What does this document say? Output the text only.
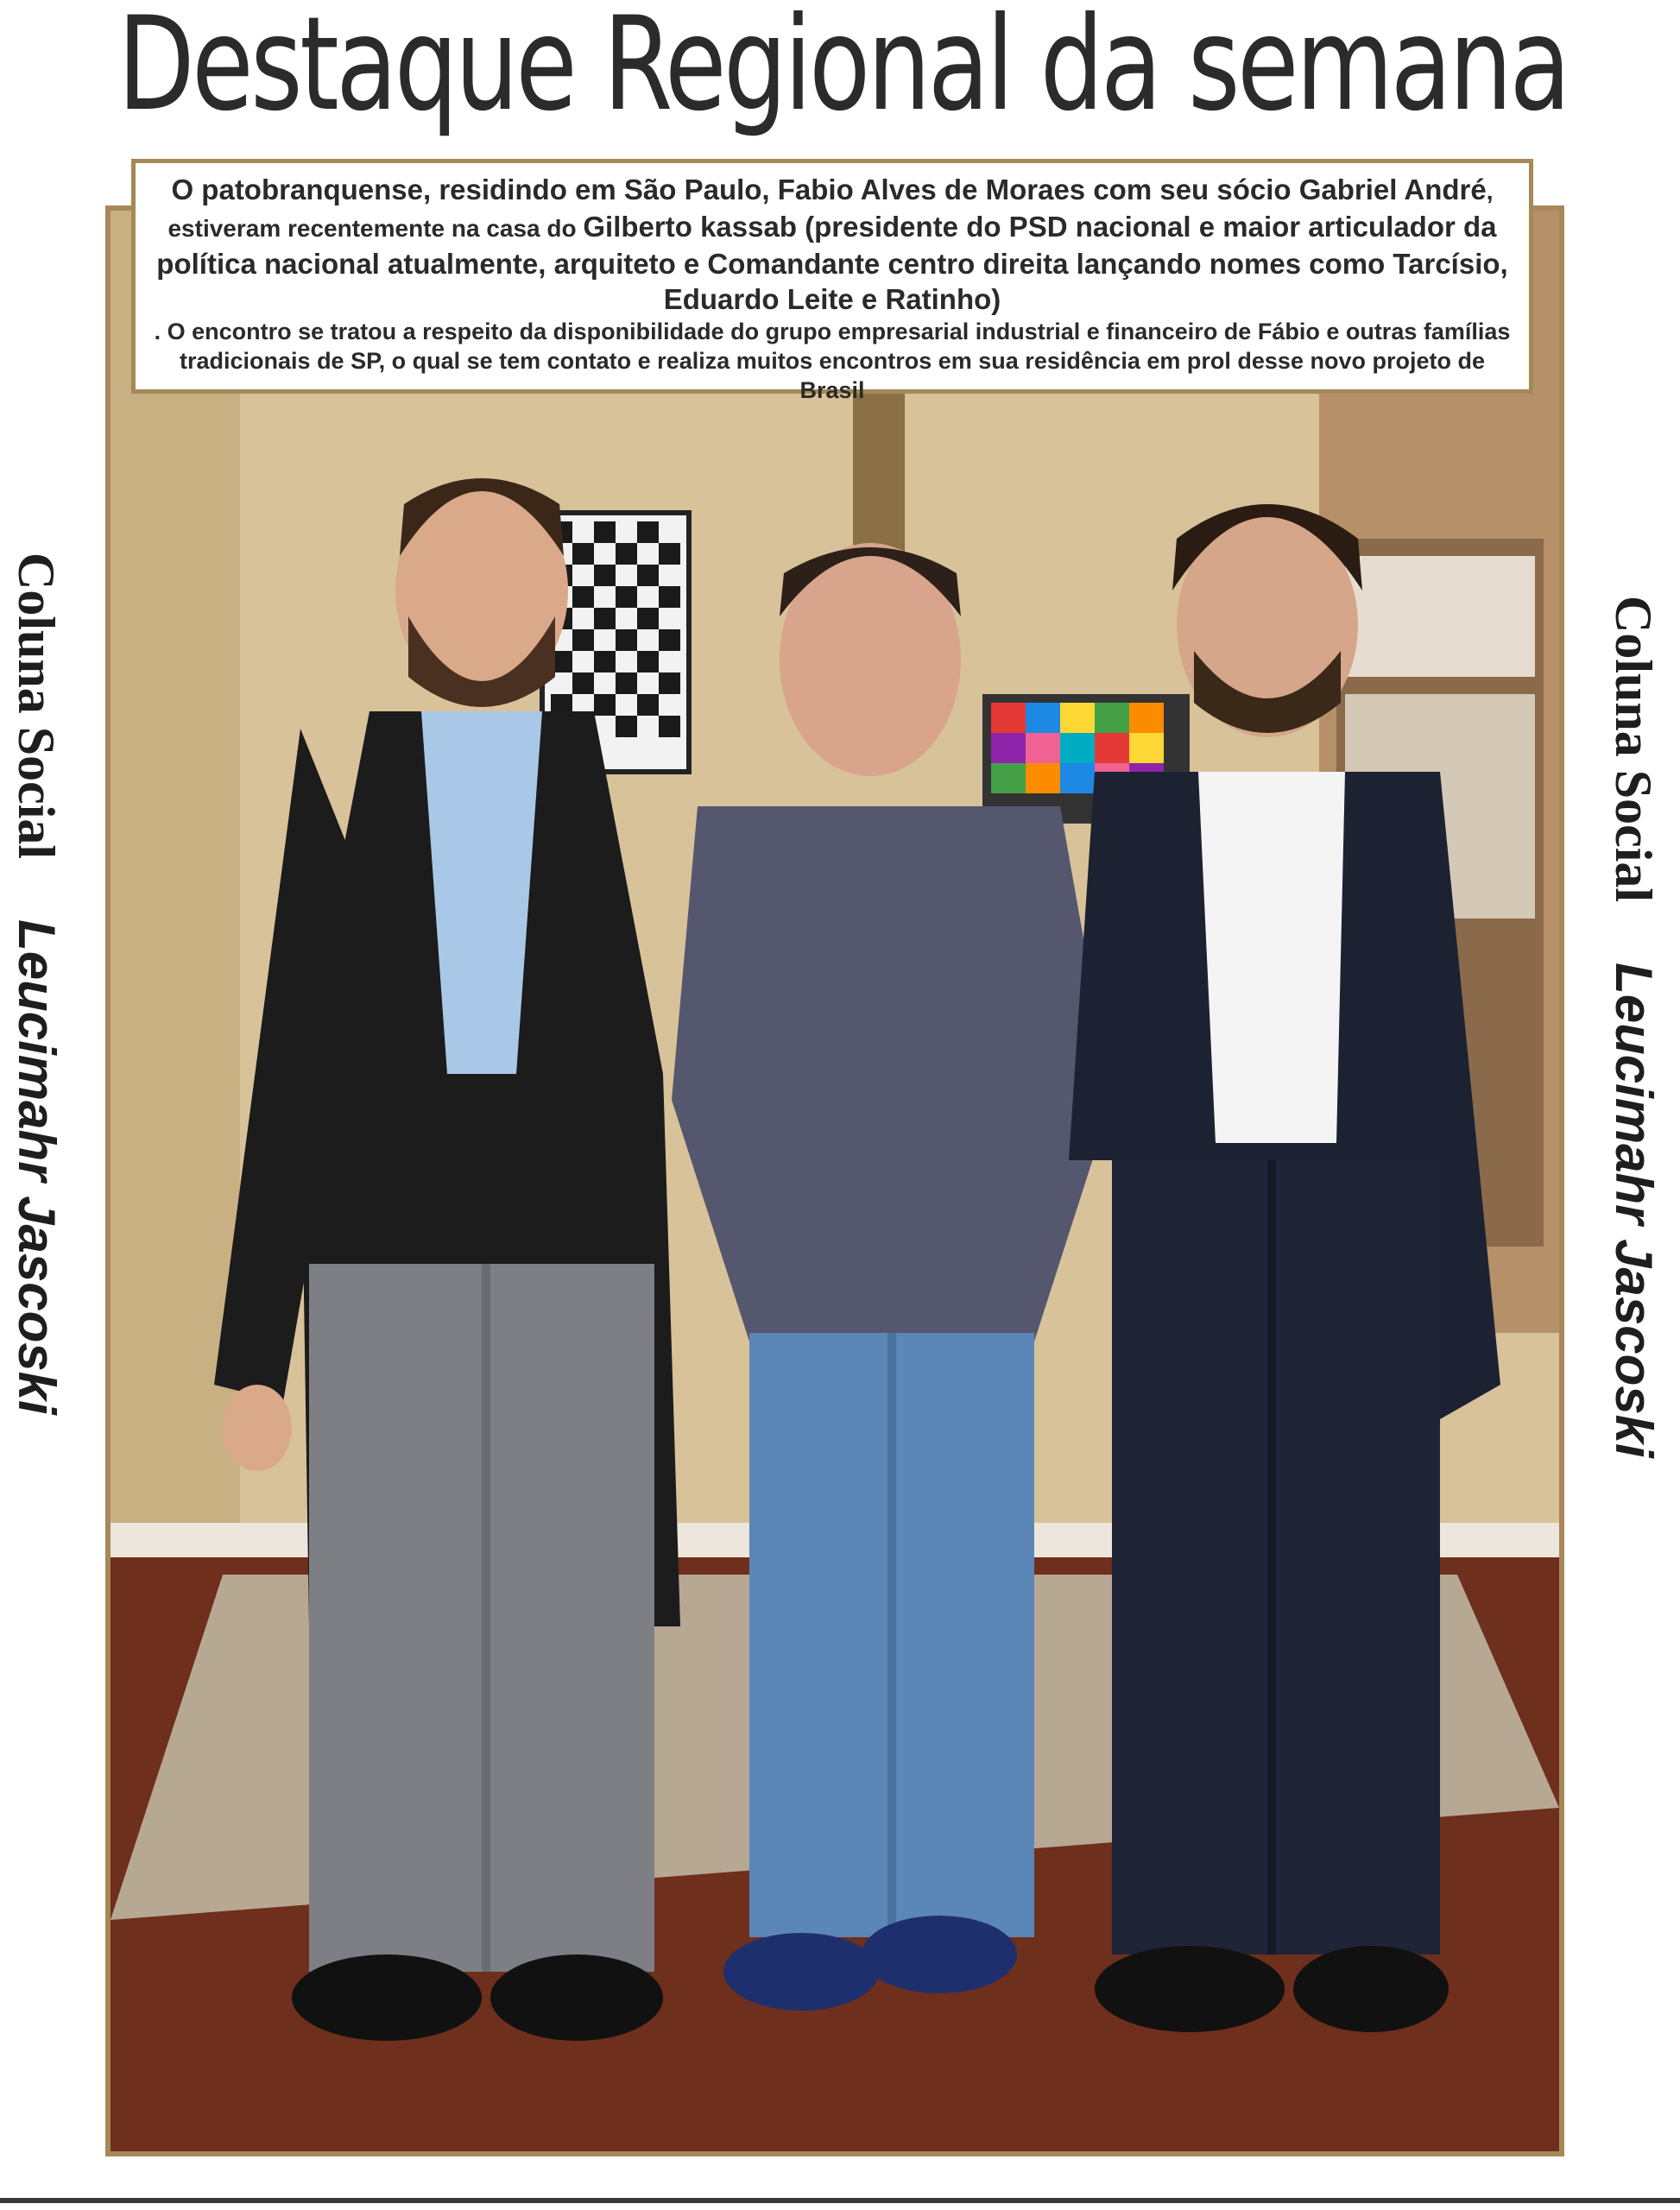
Destaque Regional da semana
O patobranquense, residindo em São Paulo, Fabio Alves de Moraes com seu sócio Gabriel André, estiveram recentemente na casa do Gilberto kassab (presidente do PSD nacional e maior articulador da política nacional atualmente, arquiteto e Comandante centro direita lançando nomes como Tarcísio, Eduardo Leite e Ratinho)
. O encontro se tratou a respeito da disponibilidade do grupo empresarial industrial e financeiro de Fábio e outras famílias tradicionais de SP, o qual se tem contato e realiza muitos encontros em sua residência em prol desse novo projeto de Brasil
Coluna SocialLeucimahr Jascoski
Coluna SocialLeucimahr Jascoski
